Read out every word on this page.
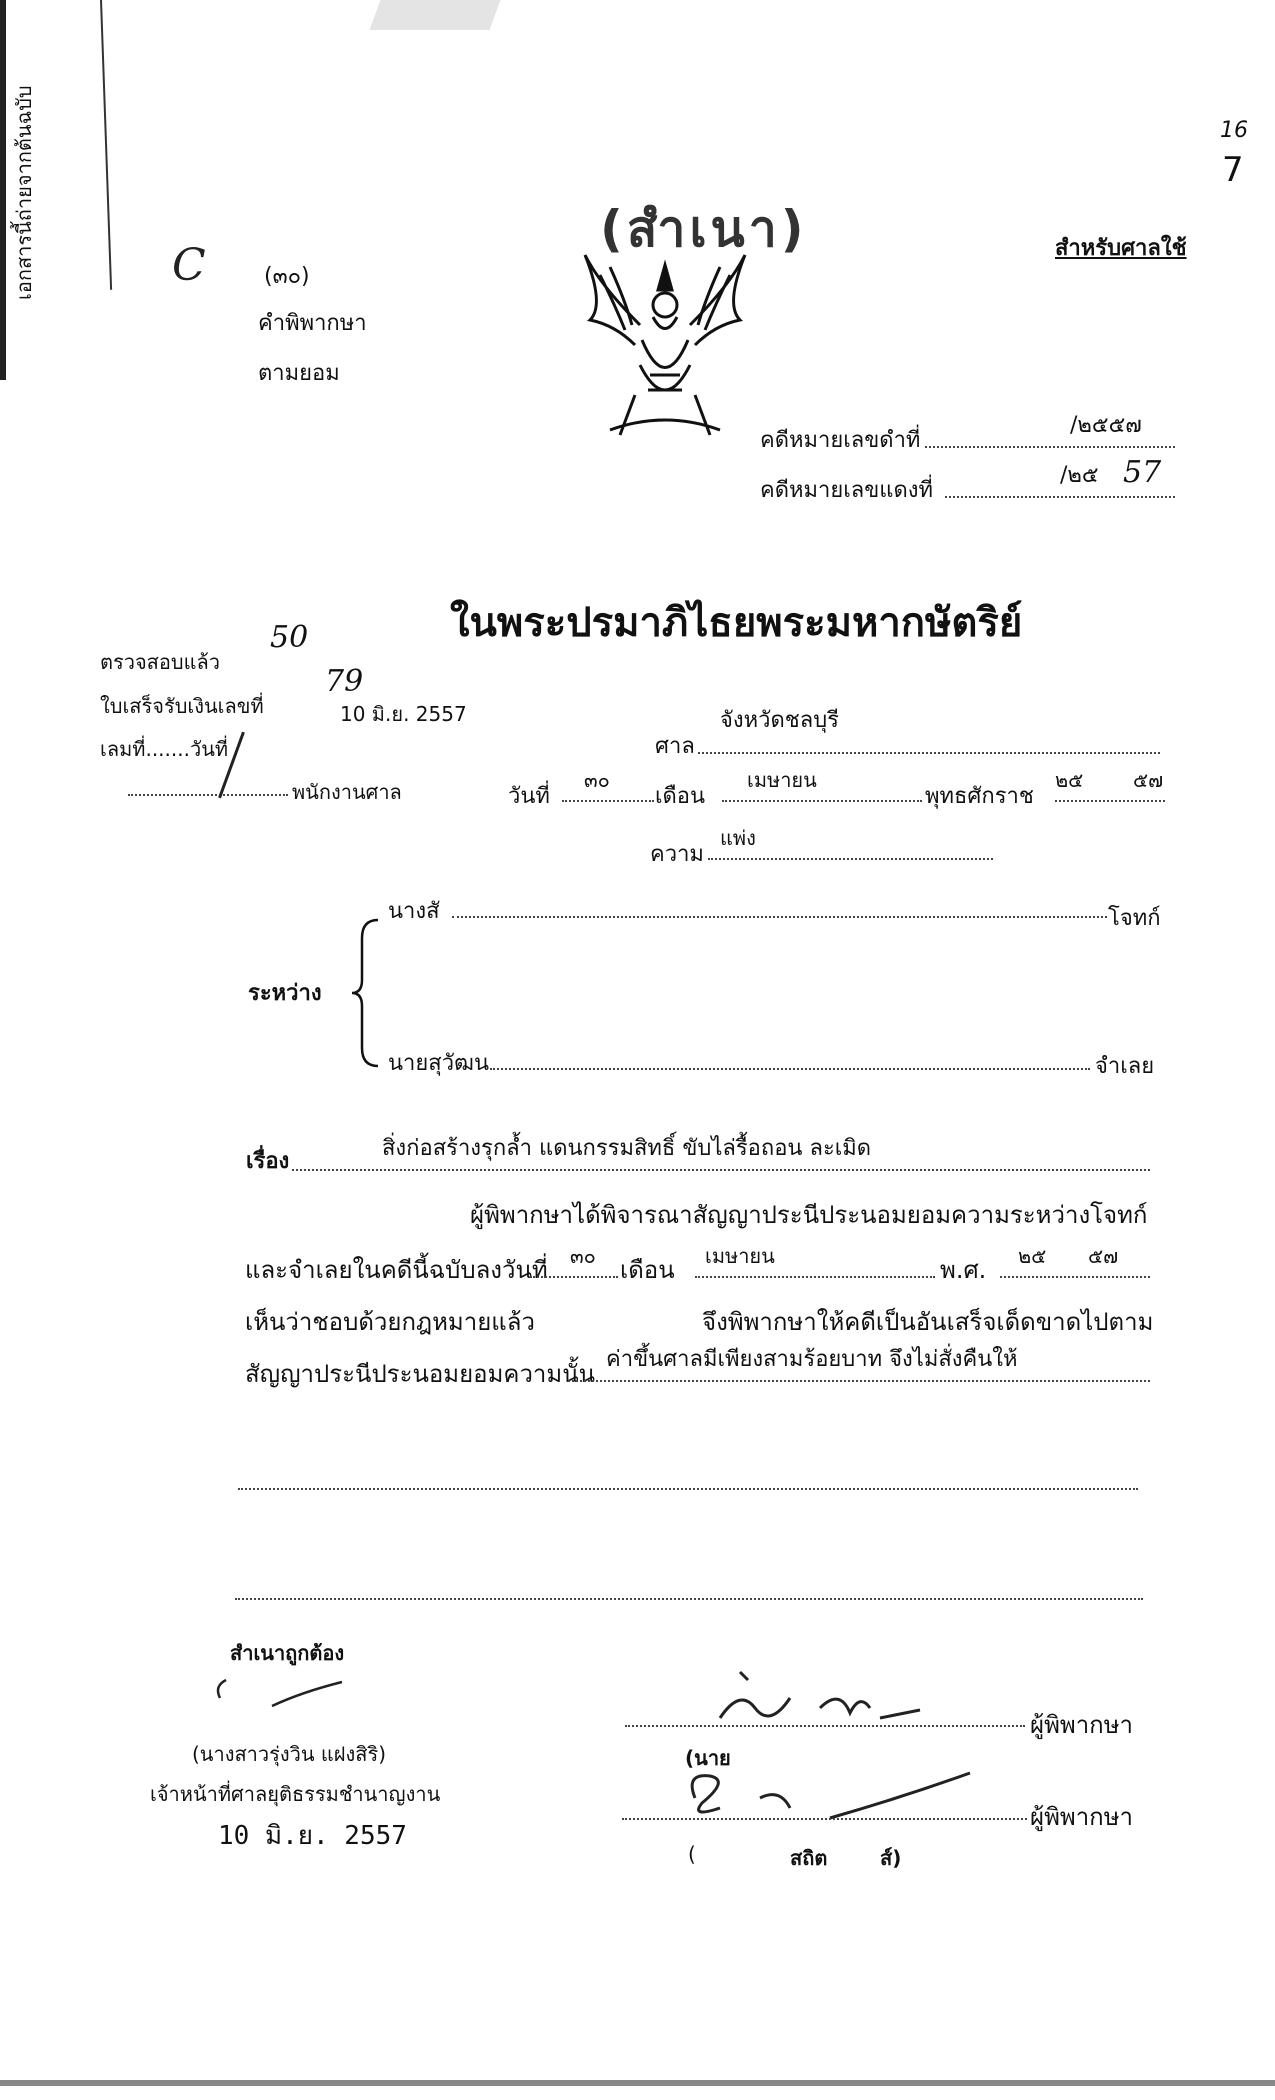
เอกสารนี้ถ่ายจากต้นฉบับ	C	(๓๐)
คำพิพากษา
ตามยอม
(สำเนา)	สำหรับศาลใช้
16
7
คดีหมายเลขดำที่
/๒๕๕๗
คดีหมายเลขแดงที่
/๒๕ 57
ในพระปรมาภิไธยพระมหากษัตริย์
50
ตรวจสอบแล้ว
ใบเสร็จรับเงินเลขที่
79
10 มิ.ย. 2557
เลมที่.......วันที่
พนักงานศาล
จังหวัดชลบุรี
ศาล
วันที่
๓๐
เดือน
เมษายน
พุทธศักราช
๒๕ ๕๗
ความ
แพ่ง
นางสั	โจทก์
ระหว่าง
นายสุวัฒน	จำเลย
เรื่อง
สิ่งก่อสร้างรุกล้ำ แดนกรรมสิทธิ์ ขับไล่รื้อถอน ละเมิด
ผู้พิพากษาได้พิจารณาสัญญาประนีประนอมยอมความระหว่างโจทก์
และจำเลยในคดีนี้ฉบับลงวันที่ ๓๐ เดือน เมษายน	พ.ศ. ๒๕ ๕๗
เห็นว่าชอบด้วยกฎหมายแล้ว	จึงพิพากษาให้คดีเป็นอันเสร็จเด็ดขาดไปตาม
สัญญาประนีประนอมยอมความนั้น
ค่าขึ้นศาลมีเพียงสามร้อยบาท จึงไม่สั่งคืนให้
สำเนาถูกต้อง
(นางสาวรุ่งวิน แฝงสิริ)
เจ้าหน้าที่ศาลยุติธรรมชำนาญงาน
10 มิ.ย. 2557
ผู้พิพากษา
(นาย
ผู้พิพากษา
(	สถิต	ส์)
